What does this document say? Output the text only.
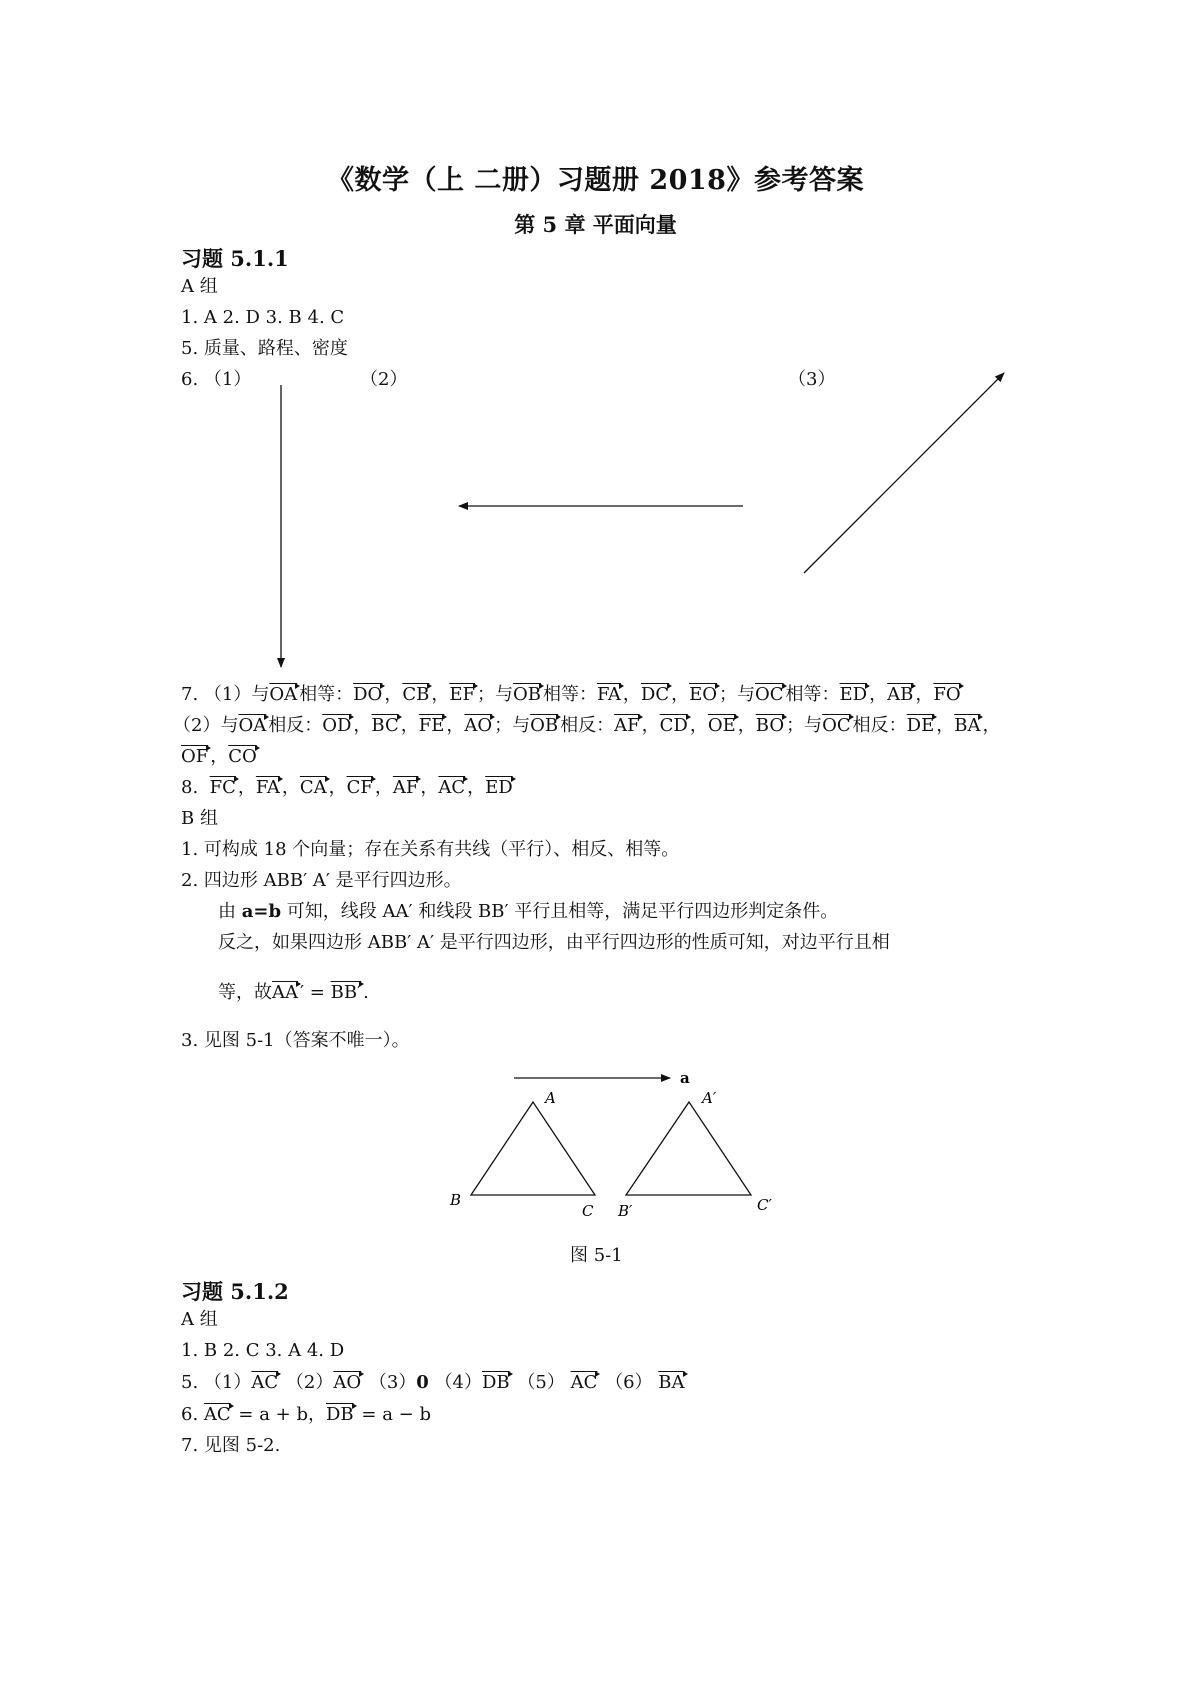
《数学（上 二册）习题册 2018》参考答案
第 5 章 平面向量
习题 5.1.1
A 组
1. A 2. D 3. B 4. C
5. 质量、路程、密度
6. （1）	（2）	（3）
7. （1）与$\overline{OA}$ 相等：$\overline{DO}$ ，$\overline{CB}$ ，$\overline{EF}$ ；与$\overline{OB}$ 相等：$\overline{FA}$ ，$\overline{DC}$ ，$\overline{EO}$ ；与$\overline{OC}$ 相等：$\overline{ED}$ ，$\overline{AB}$ ，$\overline{FO}$
（2）与$\overline{OA}$ 相反：$\overline{OD}$ ，$\overline{BC}$ ，$\overline{FE}$ ，$\overline{AO}$ ；与$\overline{OB}$ 相反：$\overline{AF}$ ，$\overline{CD}$ ，$\overline{OE}$ ，$\overline{BO}$ ；与$\overline{OC}$ 相反：$\overline{DE}$ ，$\overline{BA}$ ，
$\overline{OF}$ ，$\overline{CO}$
8. $\overline{FC}$ ，$\overline{FA}$ ，$\overline{CA}$ ，$\overline{CF}$ ，$\overline{AF}$ ，$\overline{AC}$ ，$\overline{ED}$
B 组
1. 可构成 18 个向量；存在关系有共线（平行）、相反、相等。
2. 四边形 ABB′ A′ 是平行四边形。
由 a=b 可知，线段 AA′ 和线段 BB′ 平行且相等，满足平行四边形判定条件。
反之，如果四边形 ABB′ A′ 是平行四边形，由平行四边形的性质可知，对边平行且相
等，故$\overline{AA}$ ′ = BB′ .
3. 见图 5-1（答案不唯一）。
a
A
B
C
A′
B′	C′
图 5-1
习题 5.1.2
A 组
1. B 2. C 3. A 4. D
5. $(1)\overline{AC}$ $(2)\overline{AO}$ （3）0 $(4)\overline{DB}$ （5） $\overline{AC}$ （6） $\overline{BA}$
6. $\overline{AC} = a + b$，$\overline{DB} = a - b$
7. 见图 5-2.
